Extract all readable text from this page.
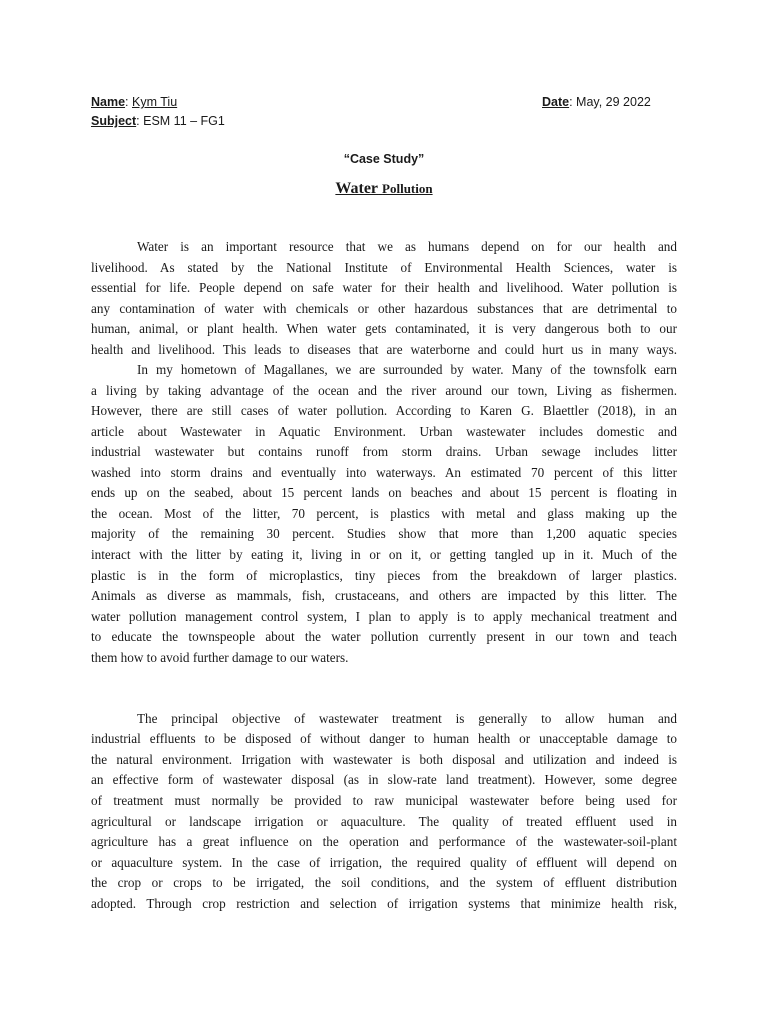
Name: Kym Tiu
Subject: ESM 11 – FG1
Date: May, 29 2022
“Case Study”
Water Pollution
Water is an important resource that we as humans depend on for our health and
livelihood. As stated by the National Institute of Environmental Health Sciences, water is
essential for life. People depend on safe water for their health and livelihood. Water pollution is
any contamination of water with chemicals or other hazardous substances that are detrimental to
human, animal, or plant health. When water gets contaminated, it is very dangerous both to our
health and livelihood. This leads to diseases that are waterborne and could hurt us in many ways.
In my hometown of Magallanes, we are surrounded by water. Many of the townsfolk earn
a living by taking advantage of the ocean and the river around our town, Living as fishermen.
However, there are still cases of water pollution. According to Karen G. Blaettler (2018), in an
article about Wastewater in Aquatic Environment. Urban wastewater includes domestic and
industrial wastewater but contains runoff from storm drains. Urban sewage includes litter
washed into storm drains and eventually into waterways. An estimated 70 percent of this litter
ends up on the seabed, about 15 percent lands on beaches and about 15 percent is floating in
the ocean. Most of the litter, 70 percent, is plastics with metal and glass making up the
majority of the remaining 30 percent. Studies show that more than 1,200 aquatic species
interact with the litter by eating it, living in or on it, or getting tangled up in it. Much of the
plastic is in the form of microplastics, tiny pieces from the breakdown of larger plastics.
Animals as diverse as mammals, fish, crustaceans, and others are impacted by this litter. The
water pollution management control system, I plan to apply is to apply mechanical treatment and
to educate the townspeople about the water pollution currently present in our town and teach
them how to avoid further damage to our waters.
The principal objective of wastewater treatment is generally to allow human and
industrial effluents to be disposed of without danger to human health or unacceptable damage to
the natural environment. Irrigation with wastewater is both disposal and utilization and indeed is
an effective form of wastewater disposal (as in slow-rate land treatment). However, some degree
of treatment must normally be provided to raw municipal wastewater before being used for
agricultural or landscape irrigation or aquaculture. The quality of treated effluent used in
agriculture has a great influence on the operation and performance of the wastewater-soil-plant
or aquaculture system. In the case of irrigation, the required quality of effluent will depend on
the crop or crops to be irrigated, the soil conditions, and the system of effluent distribution
adopted. Through crop restriction and selection of irrigation systems that minimize health risk,
